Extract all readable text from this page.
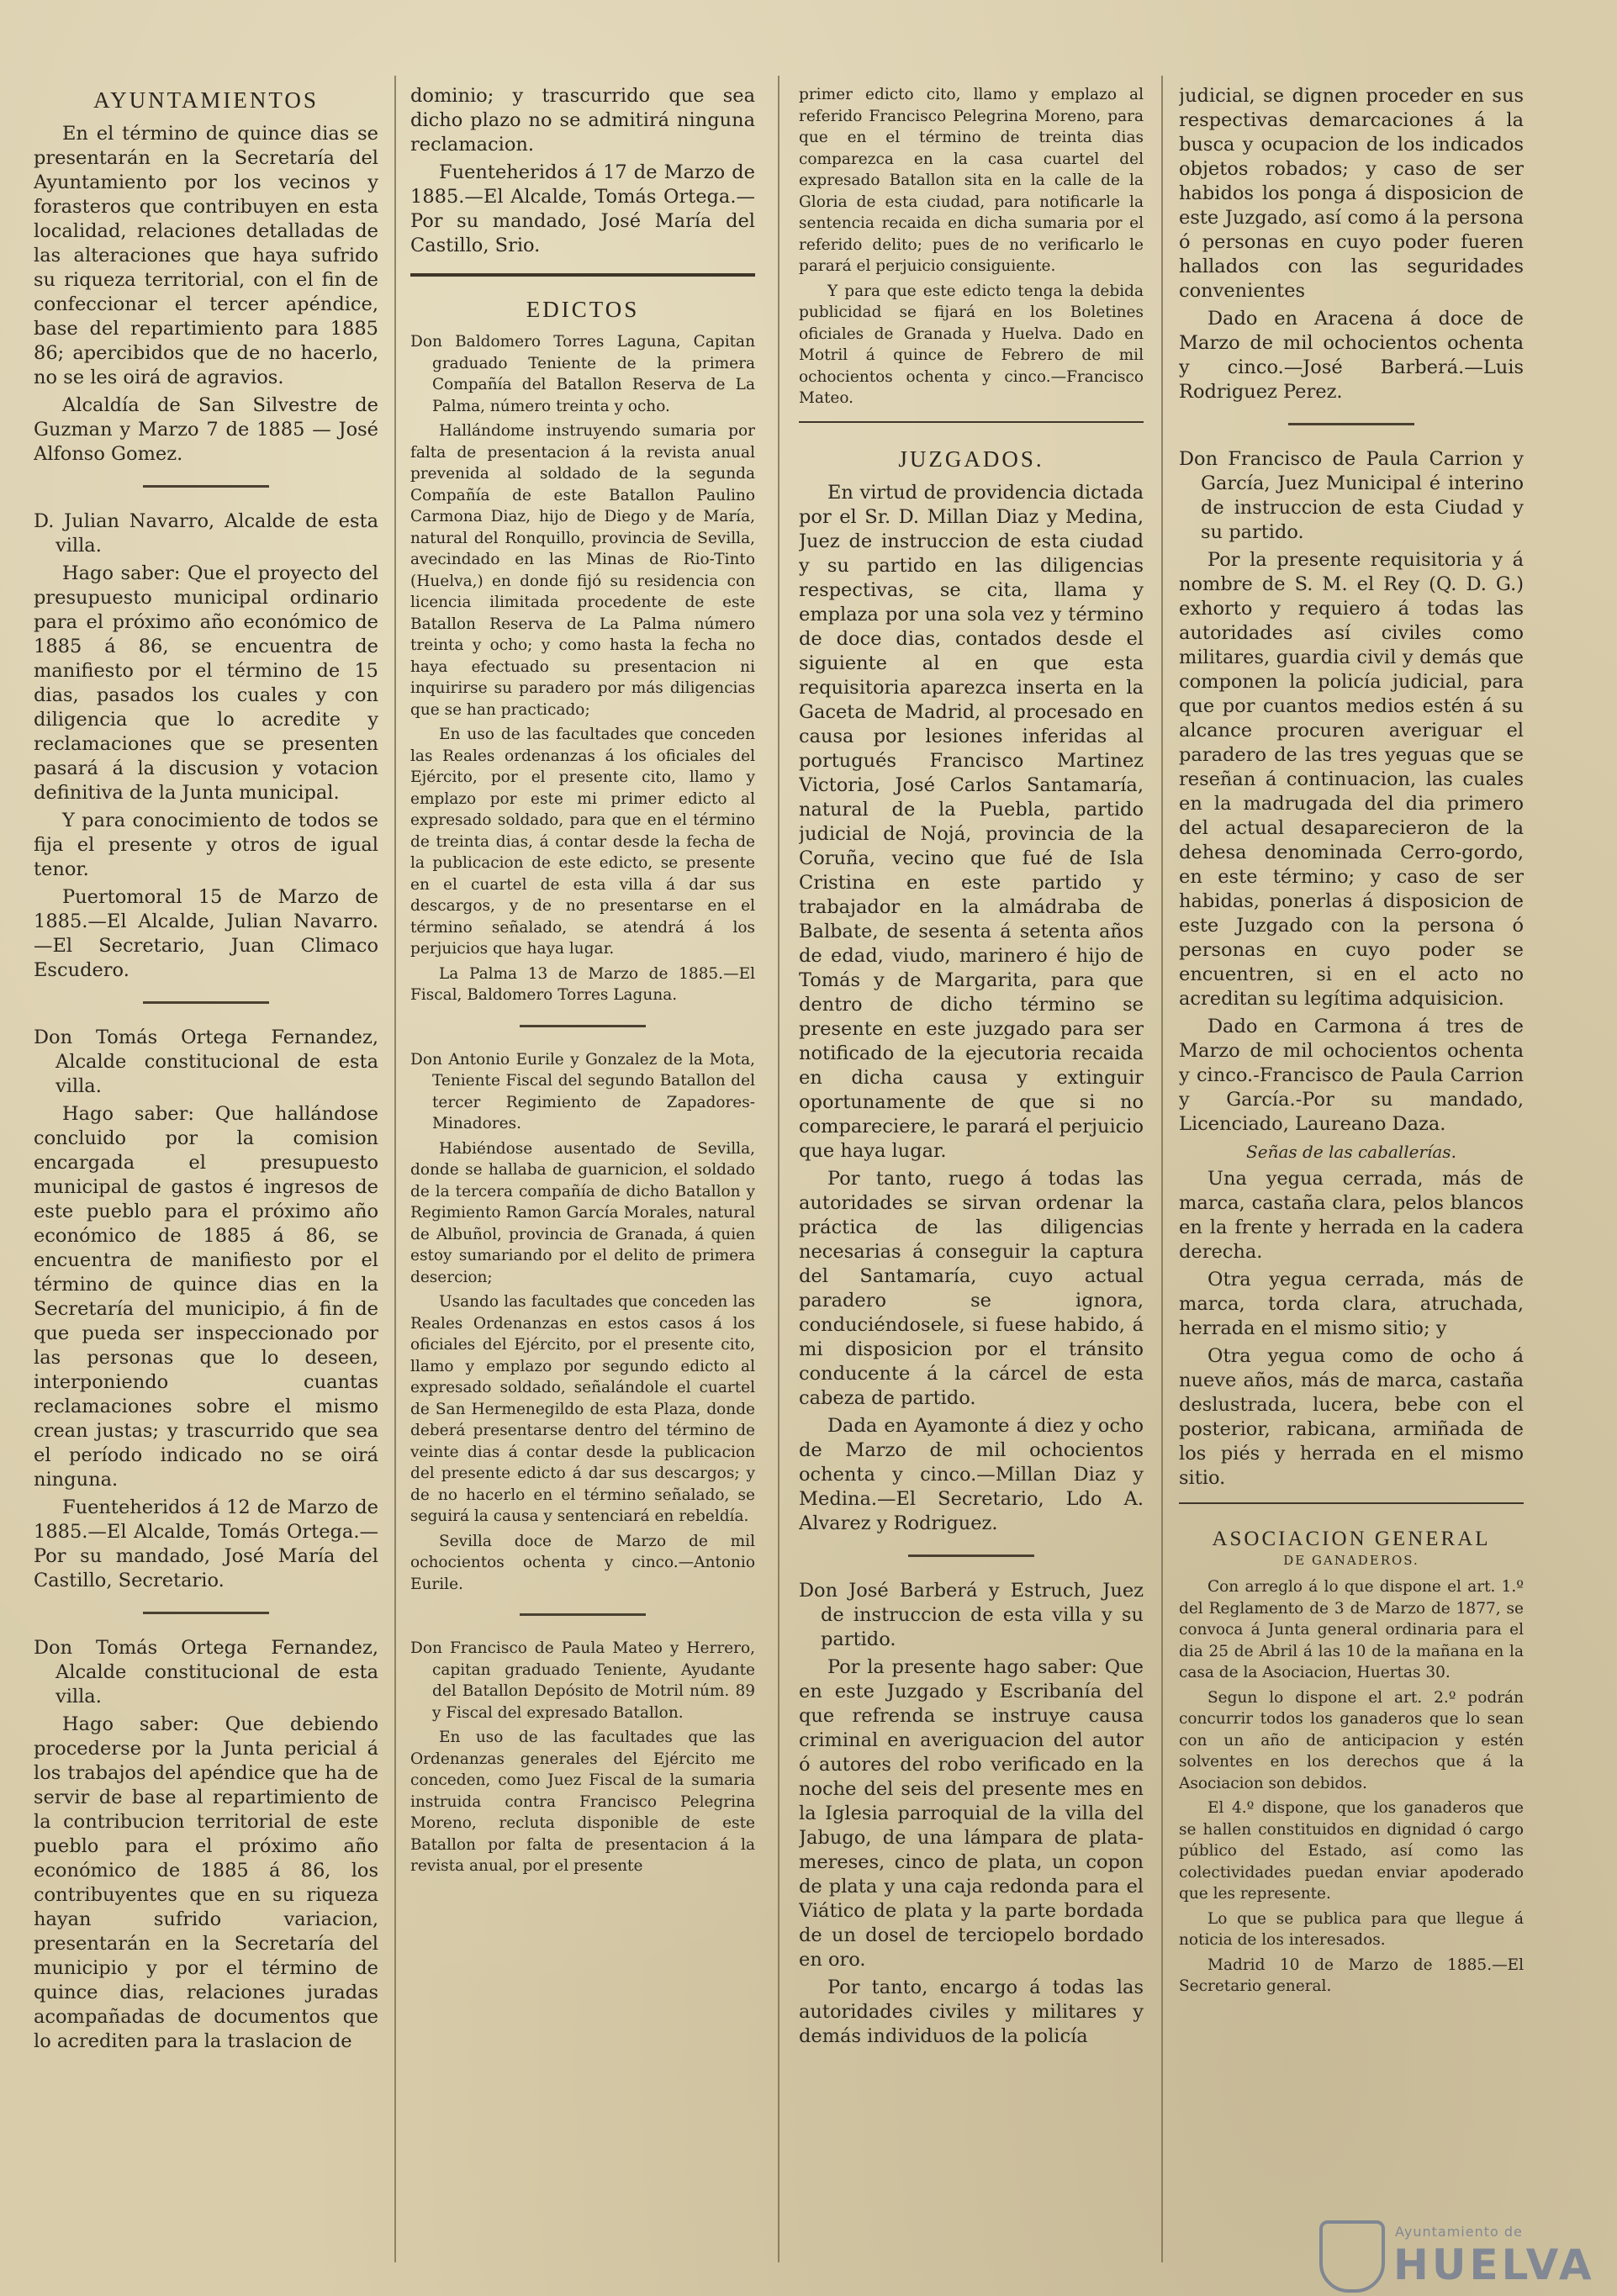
AYUNTAMIENTOS

En el término de quince dias se presentarán en la Secretaría del Ayuntamiento por los vecinos y forasteros que contribuyen en esta localidad, relaciones detalladas de las alteraciones que haya sufrido su riqueza territorial, con el fin de confeccionar el tercer apéndice, base del repartimiento para 1885 86; apercibidos que de no hacerlo, no se les oirá de agravios.

Alcaldía de San Silvestre de Guzman y Marzo 7 de 1885 — José Alfonso Gomez.

D. Julian Navarro, Alcalde de esta villa.

Hago saber: Que el proyecto del presupuesto municipal ordinario para el próximo año económico de 1885 á 86, se encuentra de manifiesto por el término de 15 dias, pasados los cuales y con diligencia que lo acredite y reclamaciones que se presenten pasará á la discusion y votacion definitiva de la Junta municipal.

Y para conocimiento de todos se fija el presente y otros de igual tenor.

Puertomoral 15 de Marzo de 1885.—El Alcalde, Julian Navarro.—El Secretario, Juan Climaco Escudero.

Don Tomás Ortega Fernandez, Alcalde constitucional de esta villa.

Hago saber: Que hallándose concluido por la comision encargada el presupuesto municipal de gastos é ingresos de este pueblo para el próximo año económico de 1885 á 86, se encuentra de manifiesto por el término de quince dias en la Secretaría del municipio, á fin de que pueda ser inspeccionado por las personas que lo deseen, interponiendo cuantas reclamaciones sobre el mismo crean justas; y trascurrido que sea el período indicado no se oirá ninguna.

Fuenteheridos á 12 de Marzo de 1885.—El Alcalde, Tomás Ortega.—Por su mandado, José María del Castillo, Secretario.

Don Tomás Ortega Fernandez, Alcalde constitucional de esta villa.

Hago saber: Que debiendo procederse por la Junta pericial á los trabajos del apéndice que ha de servir de base al repartimiento de la contribucion territorial de este pueblo para el próximo año económico de 1885 á 86, los contribuyentes que en su riqueza hayan sufrido variacion, presentarán en la Secretaría del municipio y por el término de quince dias, relaciones juradas acompañadas de documentos que lo acrediten para la traslacion de

dominio; y trascurrido que sea dicho plazo no se admitirá ninguna reclamacion.

Fuenteheridos á 17 de Marzo de 1885.—El Alcalde, Tomás Ortega.—Por su mandado, José María del Castillo, Srio.

EDICTOS

Don Baldomero Torres Laguna, Capitan graduado Teniente de la primera Compañía del Batallon Reserva de La Palma, número treinta y ocho.

Hallándome instruyendo sumaria por falta de presentacion á la revista anual prevenida al soldado de la segunda Compañía de este Batallon Paulino Carmona Diaz, hijo de Diego y de María, natural del Ronquillo, provincia de Sevilla, avecindado en las Minas de Rio-Tinto (Huelva,) en donde fijó su residencia con licencia ilimitada procedente de este Batallon Reserva de La Palma número treinta y ocho; y como hasta la fecha no haya efectuado su presentacion ni inquirirse su paradero por más diligencias que se han practicado;

En uso de las facultades que conceden las Reales ordenanzas á los oficiales del Ejército, por el presente cito, llamo y emplazo por este mi primer edicto al expresado soldado, para que en el término de treinta dias, á contar desde la fecha de la publicacion de este edicto, se presente en el cuartel de esta villa á dar sus descargos, y de no presentarse en el término señalado, se atendrá á los perjuicios que haya lugar.

La Palma 13 de Marzo de 1885.—El Fiscal, Baldomero Torres Laguna.

Don Antonio Eurile y Gonzalez de la Mota, Teniente Fiscal del segundo Batallon del tercer Regimiento de Zapadores-Minadores.

Habiéndose ausentado de Sevilla, donde se hallaba de guarnicion, el soldado de la tercera compañía de dicho Batallon y Regimiento Ramon García Morales, natural de Albuñol, provincia de Granada, á quien estoy sumariando por el delito de primera desercion;

Usando las facultades que conceden las Reales Ordenanzas en estos casos á los oficiales del Ejército, por el presente cito, llamo y emplazo por segundo edicto al expresado soldado, señalándole el cuartel de San Hermenegildo de esta Plaza, donde deberá presentarse dentro del término de veinte dias á contar desde la publicacion del presente edicto á dar sus descargos; y de no hacerlo en el término señalado, se seguirá la causa y sentenciará en rebeldía.

Sevilla doce de Marzo de mil ochocientos ochenta y cinco.—Antonio Eurile.

Don Francisco de Paula Mateo y Herrero, capitan graduado Teniente, Ayudante del Batallon Depósito de Motril núm. 89 y Fiscal del expresado Batallon.

En uso de las facultades que las Ordenanzas generales del Ejército me conceden, como Juez Fiscal de la sumaria instruida contra Francisco Pelegrina Moreno, recluta disponible de este Batallon por falta de presentacion á la revista anual, por el presente

primer edicto cito, llamo y emplazo al referido Francisco Pelegrina Moreno, para que en el término de treinta dias comparezca en la casa cuartel del expresado Batallon sita en la calle de la Gloria de esta ciudad, para notificarle la sentencia recaida en dicha sumaria por el referido delito; pues de no verificarlo le parará el perjuicio consiguiente.

Y para que este edicto tenga la debida publicidad se fijará en los Boletines oficiales de Granada y Huelva. Dado en Motril á quince de Febrero de mil ochocientos ochenta y cinco.—Francisco Mateo.

JUZGADOS.

En virtud de providencia dictada por el Sr. D. Millan Diaz y Medina, Juez de instruccion de esta ciudad y su partido en las diligencias respectivas, se cita, llama y emplaza por una sola vez y término de doce dias, contados desde el siguiente al en que esta requisitoria aparezca inserta en la Gaceta de Madrid, al procesado en causa por lesiones inferidas al portugués Francisco Martinez Victoria, José Carlos Santamaría, natural de la Puebla, partido judicial de Nojá, provincia de la Coruña, vecino que fué de Isla Cristina en este partido y trabajador en la almádraba de Balbate, de sesenta á setenta años de edad, viudo, marinero é hijo de Tomás y de Margarita, para que dentro de dicho término se presente en este juzgado para ser notificado de la ejecutoria recaida en dicha causa y extinguir oportunamente de que si no compareciere, le parará el perjuicio que haya lugar.

Por tanto, ruego á todas las autoridades se sirvan ordenar la práctica de las diligencias necesarias á conseguir la captura del Santamaría, cuyo actual paradero se ignora, conduciéndosele, si fuese habido, á mi disposicion por el tránsito conducente á la cárcel de esta cabeza de partido.

Dada en Ayamonte á diez y ocho de Marzo de mil ochocientos ochenta y cinco.—Millan Diaz y Medina.—El Secretario, Ldo A. Alvarez y Rodriguez.

Don José Barberá y Estruch, Juez de instruccion de esta villa y su partido.

Por la presente hago saber: Que en este Juzgado y Escribanía del que refrenda se instruye causa criminal en averiguacion del autor ó autores del robo verificado en la noche del seis del presente mes en la Iglesia parroquial de la villa del Jabugo, de una lámpara de plata-mereses, cinco de plata, un copon de plata y una caja redonda para el Viático de plata y la parte bordada de un dosel de terciopelo bordado en oro.

Por tanto, encargo á todas las autoridades civiles y militares y demás individuos de la policía

judicial, se dignen proceder en sus respectivas demarcaciones á la busca y ocupacion de los indicados objetos robados; y caso de ser habidos los ponga á disposicion de este Juzgado, así como á la persona ó personas en cuyo poder fueren hallados con las seguridades convenientes

Dado en Aracena á doce de Marzo de mil ochocientos ochenta y cinco.—José Barberá.—Luis Rodriguez Perez.

Don Francisco de Paula Carrion y García, Juez Municipal é interino de instruccion de esta Ciudad y su partido.

Por la presente requisitoria y á nombre de S. M. el Rey (Q. D. G.) exhorto y requiero á todas las autoridades así civiles como militares, guardia civil y demás que componen la policía judicial, para que por cuantos medios estén á su alcance procuren averiguar el paradero de las tres yeguas que se reseñan á continuacion, las cuales en la madrugada del dia primero del actual desaparecieron de la dehesa denominada Cerro-gordo, en este término; y caso de ser habidas, ponerlas á disposicion de este Juzgado con la persona ó personas en cuyo poder se encuentren, si en el acto no acreditan su legítima adquisicion.

Dado en Carmona á tres de Marzo de mil ochocientos ochenta y cinco.-Francisco de Paula Carrion y García.-Por su mandado, Licenciado, Laureano Daza.

Señas de las caballerías.

Una yegua cerrada, más de marca, castaña clara, pelos blancos en la frente y herrada en la cadera derecha.

Otra yegua cerrada, más de marca, torda clara, atruchada, herrada en el mismo sitio; y

Otra yegua como de ocho á nueve años, más de marca, castaña deslustrada, lucera, bebe con el posterior, rabicana, armiñada de los piés y herrada en el mismo sitio.

ASOCIACION GENERAL
DE GANADEROS.

Con arreglo á lo que dispone el art. 1.º del Reglamento de 3 de Marzo de 1877, se convoca á Junta general ordinaria para el dia 25 de Abril á las 10 de la mañana en la casa de la Asociacion, Huertas 30.

Segun lo dispone el art. 2.º podrán concurrir todos los ganaderos que lo sean con un año de anticipacion y estén solventes en los derechos que á la Asociacion son debidos.

El 4.º dispone, que los ganaderos que se hallen constituidos en dignidad ó cargo público del Estado, así como las colectividades puedan enviar apoderado que les represente.

Lo que se publica para que llegue á noticia de los interesados.

Madrid 10 de Marzo de 1885.—El Secretario general.

Ayuntamiento de
HUELVA
